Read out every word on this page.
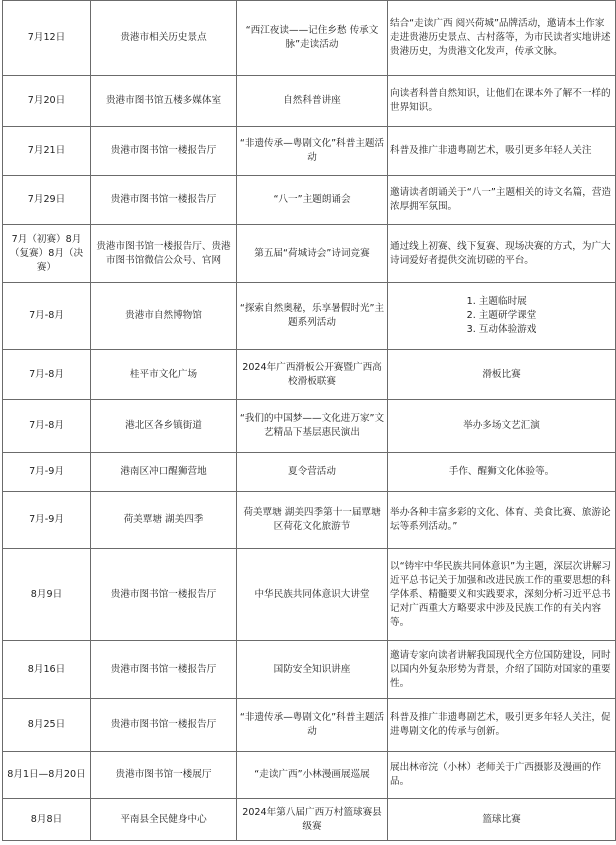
7月12日	贵港市相关历史景点	“西江夜读——记住乡愁 传承文脉”走读活动	结合“走读广西 阅兴荷城”品牌活动，邀请本土作家走进贵港历史景点、古村落等，为市民读者实地讲述贵港历史，为贵港文化发声，传承文脉。
7月20日	贵港市图书馆五楼多媒体室	自然科普讲座	向读者科普自然知识，让他们在课本外了解不一样的世界知识。
7月21日	贵港市图书馆一楼报告厅	“非遗传承—粤剧文化”科普主题活动	科普及推广非遗粤剧艺术，吸引更多年轻人关注
7月29日	贵港市图书馆一楼报告厅	“八一”主题朗诵会	邀请读者朗诵关于“八一”主题相关的诗文名篇，营造浓厚拥军氛围。
7月（初赛）8月（复赛）8月（决赛）	贵港市图书馆一楼报告厅、贵港市图书馆微信公众号、官网	第五届“荷城诗会”诗词竞赛	通过线上初赛、线下复赛、现场决赛的方式，为广大诗词爱好者提供交流切磋的平台。
7月-8月	贵港市自然博物馆	“探索自然奥秘，乐享暑假时光”主题系列活动	1. 主题临时展
2. 主题研学课堂
3. 互动体验游戏

7月-8月	桂平市文化广场	2024年广西滑板公开赛暨广西高校滑板联赛	滑板比赛
7月-8月	港北区各乡镇街道	“我们的中国梦——文化进万家”文艺精品下基层惠民演出	举办多场文艺汇演
7月-9月	港南区冲口醒狮营地	夏令营活动	手作、醒狮文化体验等。
7月-9月	荷美覃塘 湖美四季	荷美覃塘 湖美四季第十一届覃塘区荷花文化旅游节	举办各种丰富多彩的文化、体育、美食比赛、旅游论坛等系列活动。”
8月9日	贵港市图书馆一楼报告厅	中华民族共同体意识大讲堂	以“铸牢中华民族共同体意识”为主题，深层次讲解习近平总书记关于加强和改进民族工作的重要思想的科学体系、精髓要义和实践要求，深刻分析习近平总书记对广西重大方略要求中涉及民族工作的有关内容等。
8月16日	贵港市图书馆一楼报告厅	国防安全知识讲座	邀请专家向读者讲解我国现代全方位国防建设，同时以国内外复杂形势为背景，介绍了国防对国家的重要性。
8月25日	贵港市图书馆一楼报告厅	“非遗传承—粤剧文化”科普主题活动	科普及推广非遗粤剧艺术，吸引更多年轻人关注，促进粤剧文化的传承与创新。
8月1日—8月20日	贵港市图书馆一楼展厅	“走读广西”小林漫画展巡展	展出林帝浣（小林）老师关于广西摄影及漫画的作品。
8月8日	平南县全民健身中心	2024年第八届广西万村篮球赛县级赛	篮球比赛
